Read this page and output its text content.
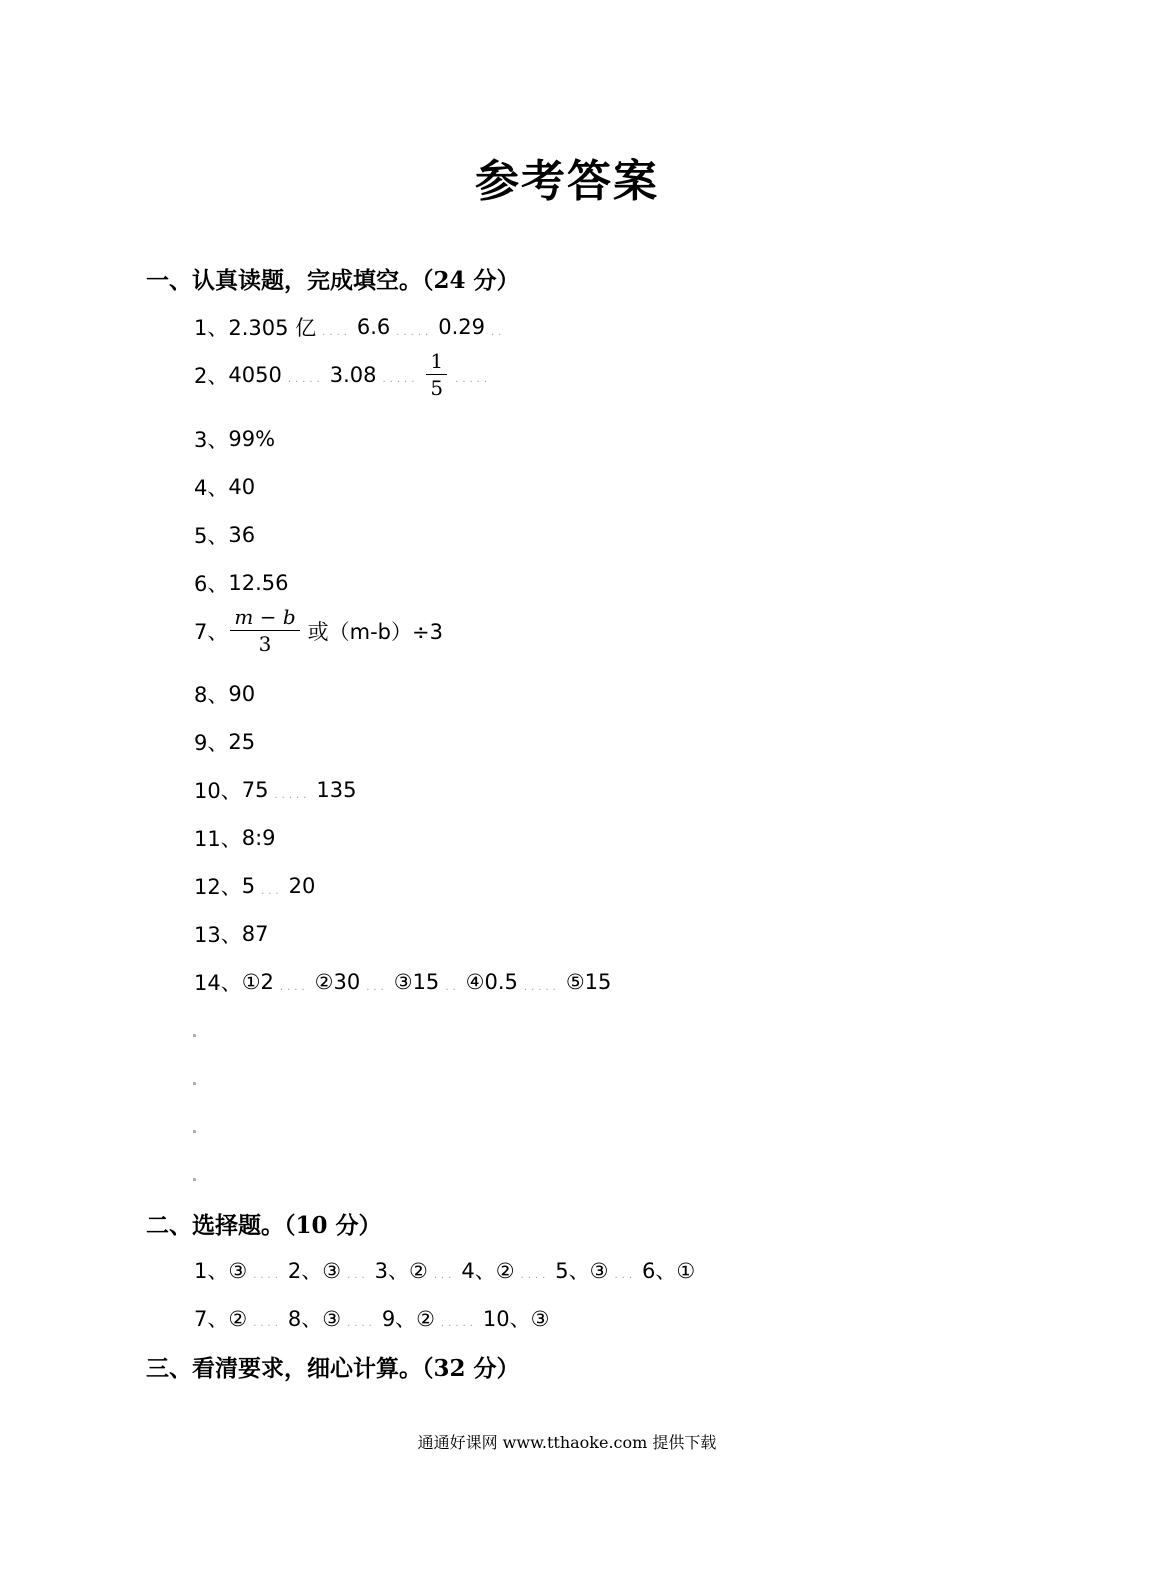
参考答案
一、认真读题，完成填空。（24 分）
1、 2.305 亿 .... 6.6 ..... 0.29 ..
2、 4050 ..... 3.08 ..... $\frac{1}{5}$ .....
3、 99%
4、 40
5、 36
6、 12.56
7、 $\frac{m - b}{3}$ 或（m-b）÷3
8、 90
9、 25
10、 75 ..... 135
11、 8:9
12、 5 ... 20
13、 87
14、 ①2 .... ②30 ... ③15 .. ④0.5 ..... ⑤15
二、选择题。（10 分）
1、③ .... 2、③ ... 3、② ... 4、② .... 5、③ ... 6、①
7、② .... 8、③ .... 9、② ..... 10、③
三、看清要求，细心计算。（32 分）
通通好课网 www.tthaoke.com 提供下载
